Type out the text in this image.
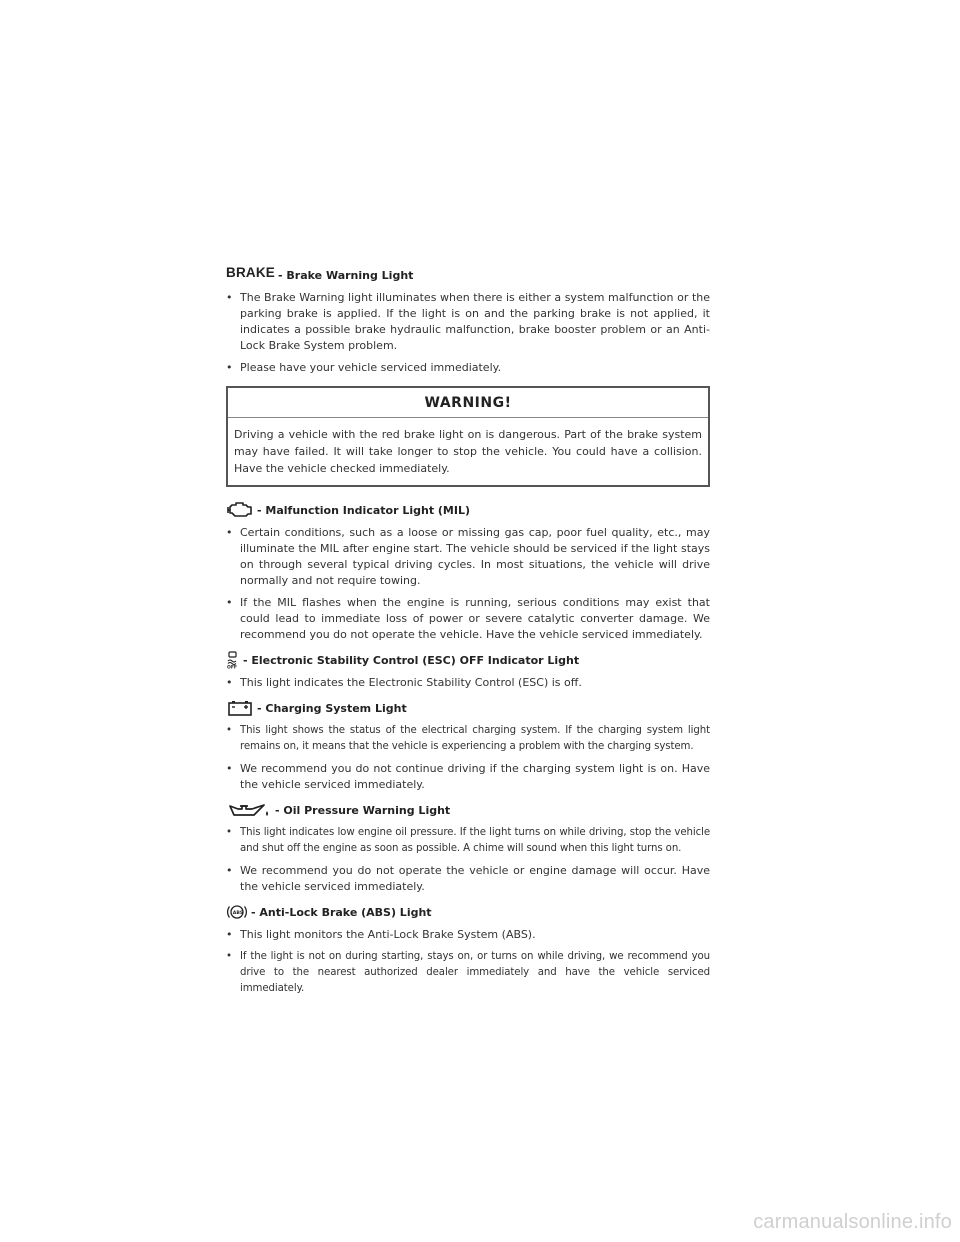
BRAKE - Brake Warning Light
• The Brake Warning light illuminates when there is either a system malfunction or the parking brake is applied. If the light is on and the parking brake is not applied, it indicates a possible brake hydraulic malfunction, brake booster problem or an Anti-Lock Brake System problem.
• Please have your vehicle serviced immediately.
WARNING!
Driving a vehicle with the red brake light on is dangerous. Part of the brake system may have failed. It will take longer to stop the vehicle. You could have a collision. Have the vehicle checked immediately.
- Malfunction Indicator Light (MIL)
• Certain conditions, such as a loose or missing gas cap, poor fuel quality, etc., may illuminate the MIL after engine start. The vehicle should be serviced if the light stays on through several typical driving cycles. In most situations, the vehicle will drive normally and not require towing.
• If the MIL flashes when the engine is running, serious conditions may exist that could lead to immediate loss of power or severe catalytic converter damage. We recommend you do not operate the vehicle. Have the vehicle serviced immediately.
OFF
- Electronic Stability Control (ESC) OFF Indicator Light
• This light indicates the Electronic Stability Control (ESC) is off.
- Charging System Light
• This light shows the status of the electrical charging system. If the charging system light remains on, it means that the vehicle is experiencing a problem with the charging system.
• We recommend you do not continue driving if the charging system light is on. Have the vehicle serviced immediately.
- Oil Pressure Warning Light
• This light indicates low engine oil pressure. If the light turns on while driving, stop the vehicle and shut off the engine as soon as possible. A chime will sound when this light turns on.
• We recommend you do not operate the vehicle or engine damage will occur. Have the vehicle serviced immediately.
ABS - Anti-Lock Brake (ABS) Light
• This light monitors the Anti-Lock Brake System (ABS).
• If the light is not on during starting, stays on, or turns on while driving, we recommend you drive to the nearest authorized dealer immediately and have the vehicle serviced immediately.
carmanualsonline.info
